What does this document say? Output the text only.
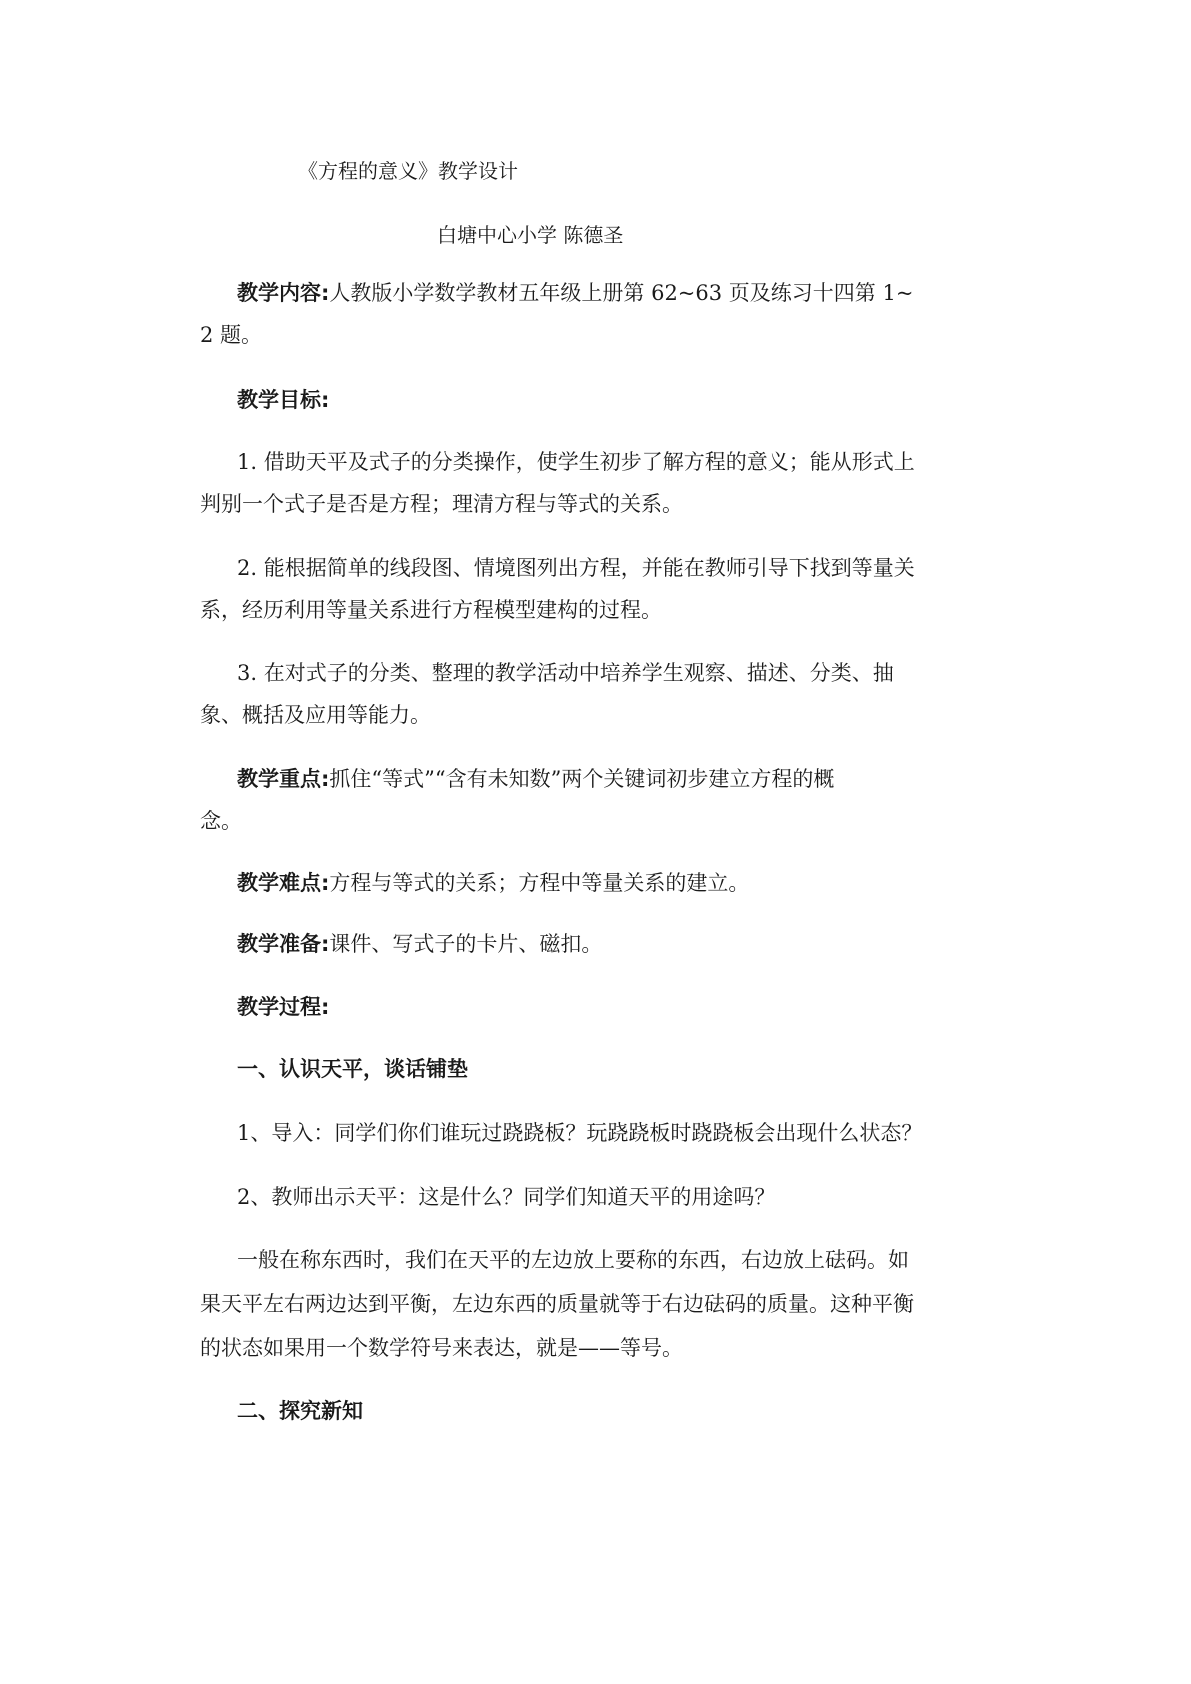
《方程的意义》教学设计
白塘中心小学 陈德圣
教学内容:人教版小学数学教材五年级上册第 62~63 页及练习十四第 1~
2 题。
教学目标:
1. 借助天平及式子的分类操作，使学生初步了解方程的意义；能从形式上
判别一个式子是否是方程；理清方程与等式的关系。
2. 能根据简单的线段图、情境图列出方程，并能在教师引导下找到等量关
系，经历利用等量关系进行方程模型建构的过程。
3. 在对式子的分类、整理的教学活动中培养学生观察、描述、分类、抽
象、概括及应用等能力。
教学重点:抓住“等式”“含有未知数”两个关键词初步建立方程的概
念。
教学难点:方程与等式的关系；方程中等量关系的建立。
教学准备:课件、写式子的卡片、磁扣。
教学过程:
一、认识天平，谈话铺垫
1、导入：同学们你们谁玩过跷跷板？玩跷跷板时跷跷板会出现什么状态？
2、教师出示天平：这是什么？同学们知道天平的用途吗？
一般在称东西时，我们在天平的左边放上要称的东西，右边放上砝码。如
果天平左右两边达到平衡，左边东西的质量就等于右边砝码的质量。这种平衡
的状态如果用一个数学符号来表达，就是——等号。
二、探究新知
